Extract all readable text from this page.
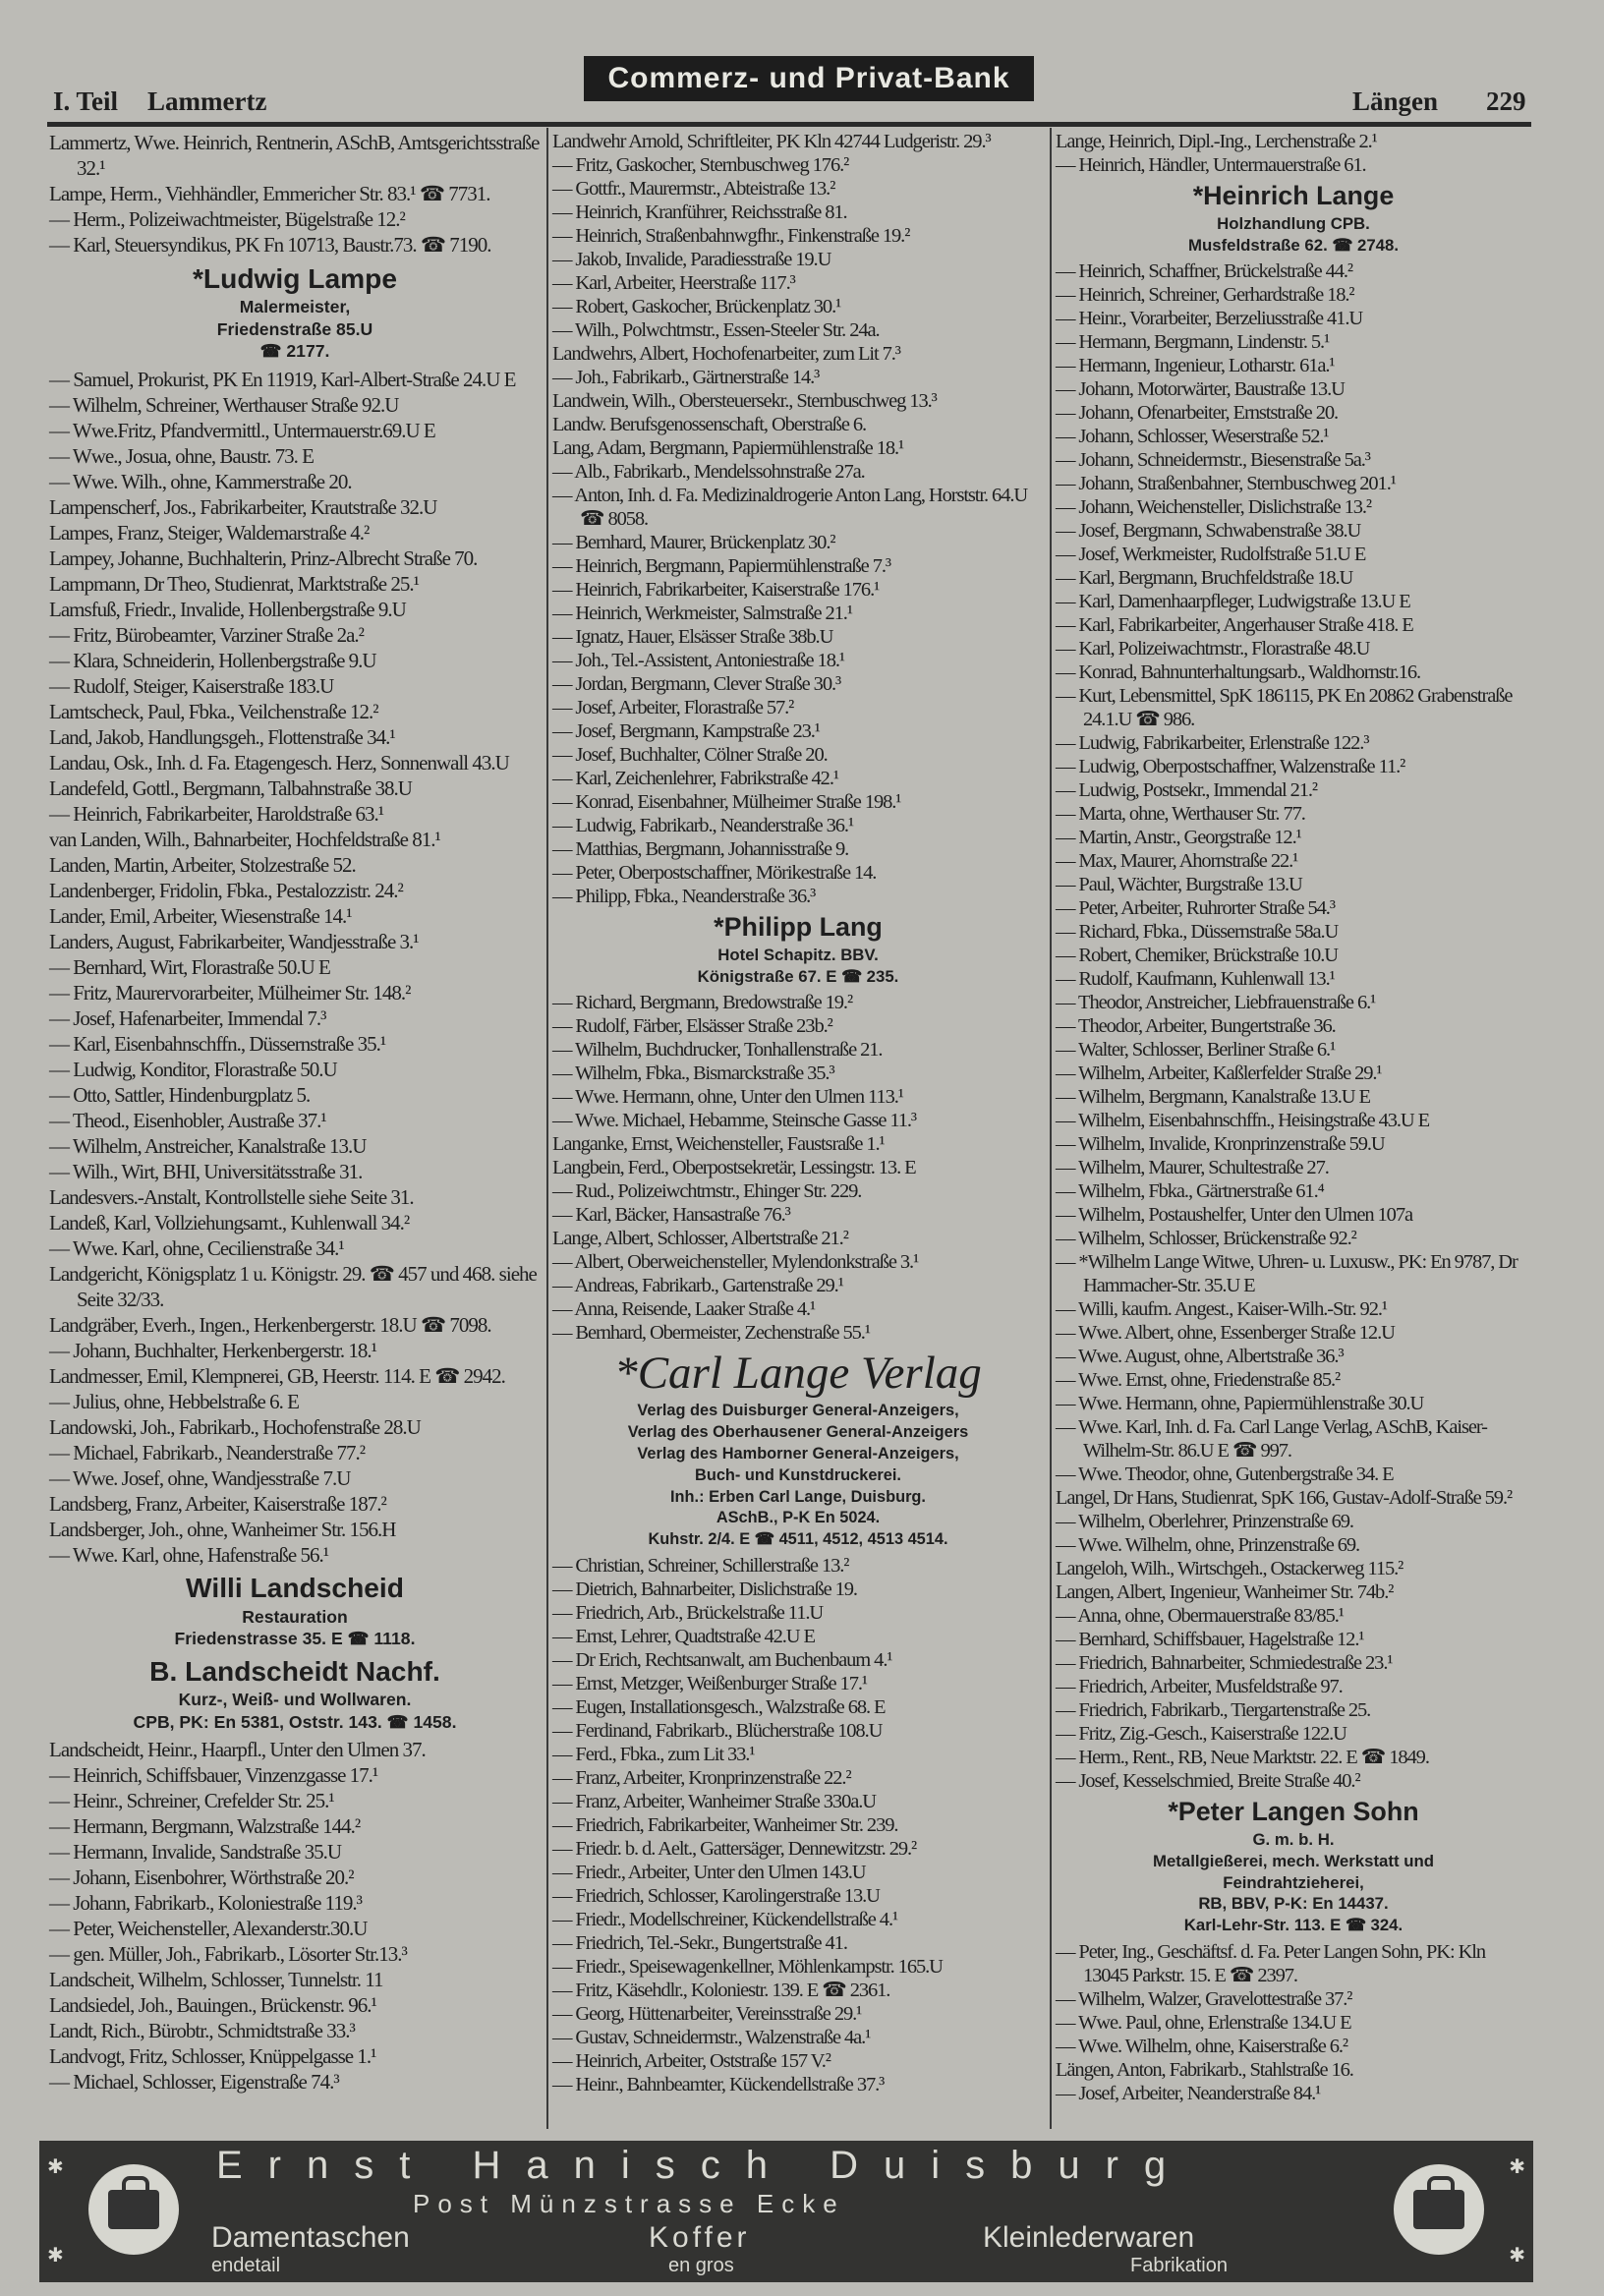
I. Teil Lammertz
Commerz- und Privat-Bank
Längen 229
Lammertz, Wwe. Heinrich, Rentnerin, ASchB, Amtsgerichtsstraße 32.¹
Lampe, Herm., Viehhändler, Emmericher Str. 83.¹ ☎ 7731.
— Herm., Polizeiwachtmeister, Bügelstraße 12.²
— Karl, Steuersyndikus, PK Fn 10713, Baustr.73. ☎ 7190.
*Ludwig Lampe
Malermeister,
Friedenstraße 85.U
☎ 2177.
— Samuel, Prokurist, PK En 11919, Karl-Albert-Straße 24.U E
— Wilhelm, Schreiner, Werthauser Straße 92.U
— Wwe.Fritz, Pfandvermittl., Untermauerstr.69.U E
— Wwe., Josua, ohne, Baustr. 73. E
— Wwe. Wilh., ohne, Kammerstraße 20.
Lampenscherf, Jos., Fabrikarbeiter, Krautstraße 32.U
Lampes, Franz, Steiger, Waldemarstraße 4.²
Lampey, Johanne, Buchhalterin, Prinz-Albrecht Straße 70.
Lampmann, Dr Theo, Studienrat, Marktstraße 25.¹
Lamsfuß, Friedr., Invalide, Hollenbergstraße 9.U
— Fritz, Bürobeamter, Varziner Straße 2a.²
— Klara, Schneiderin, Hollenbergstraße 9.U
— Rudolf, Steiger, Kaiserstraße 183.U
Lamtscheck, Paul, Fbka., Veilchenstraße 12.²
Land, Jakob, Handlungsgeh., Flottenstraße 34.¹
Landau, Osk., Inh. d. Fa. Etagengesch. Herz, Sonnenwall 43.U
Landefeld, Gottl., Bergmann, Talbahnstraße 38.U
— Heinrich, Fabrikarbeiter, Haroldstraße 63.¹
van Landen, Wilh., Bahnarbeiter, Hochfeldstraße 81.¹
Landen, Martin, Arbeiter, Stolzestraße 52.
Landenberger, Fridolin, Fbka., Pestalozzistr. 24.²
Lander, Emil, Arbeiter, Wiesenstraße 14.¹
Landers, August, Fabrikarbeiter, Wandjesstraße 3.¹
— Bernhard, Wirt, Florastraße 50.U E
— Fritz, Maurervorarbeiter, Mülheimer Str. 148.²
— Josef, Hafenarbeiter, Immendal 7.³
— Karl, Eisenbahnschffn., Düssernstraße 35.¹
— Ludwig, Konditor, Florastraße 50.U
— Otto, Sattler, Hindenburgplatz 5.
— Theod., Eisenhobler, Austraße 37.¹
— Wilhelm, Anstreicher, Kanalstraße 13.U
— Wilh., Wirt, BHI, Universitätsstraße 31.
Landesvers.-Anstalt, Kontrollstelle siehe Seite 31.
Landeß, Karl, Vollziehungsamt., Kuhlenwall 34.²
— Wwe. Karl, ohne, Cecilienstraße 34.¹
Landgericht, Königsplatz 1 u. Königstr. 29. ☎ 457 und 468. siehe Seite 32/33.
Landgräber, Everh., Ingen., Herkenbergerstr. 18.U ☎ 7098.
— Johann, Buchhalter, Herkenbergerstr. 18.¹
Landmesser, Emil, Klempnerei, GB, Heerstr. 114. E ☎ 2942.
— Julius, ohne, Hebbelstraße 6. E
Landowski, Joh., Fabrikarb., Hochofenstraße 28.U
— Michael, Fabrikarb., Neanderstraße 77.²
— Wwe. Josef, ohne, Wandjesstraße 7.U
Landsberg, Franz, Arbeiter, Kaiserstraße 187.²
Landsberger, Joh., ohne, Wanheimer Str. 156.H
— Wwe. Karl, ohne, Hafenstraße 56.¹
Willi Landscheid
Restauration
Friedenstrasse 35. E ☎ 1118.
B. Landscheidt Nachf.
Kurz-, Weiß- und Wollwaren.
CPB, PK: En 5381, Oststr. 143. ☎ 1458.
Landscheidt, Heinr., Haarpfl., Unter den Ulmen 37.
— Heinrich, Schiffsbauer, Vinzenzgasse 17.¹
— Heinr., Schreiner, Crefelder Str. 25.¹
— Hermann, Bergmann, Walzstraße 144.²
— Hermann, Invalide, Sandstraße 35.U
— Johann, Eisenbohrer, Wörthstraße 20.²
— Johann, Fabrikarb., Koloniestraße 119.³
— Peter, Weichensteller, Alexanderstr.30.U
— gen. Müller, Joh., Fabrikarb., Lösorter Str.13.³
Landscheit, Wilhelm, Schlosser, Tunnelstr. 11
Landsiedel, Joh., Bauingen., Brückenstr. 96.¹
Landt, Rich., Bürobtr., Schmidtstraße 33.³
Landvogt, Fritz, Schlosser, Knüppelgasse 1.¹
— Michael, Schlosser, Eigenstraße 74.³
Landwehr Arnold, Schriftleiter, PK Kln 42744 Ludgeristr. 29.³
— Fritz, Gaskocher, Sternbuschweg 176.²
— Gottfr., Maurermstr., Abteistraße 13.²
— Heinrich, Kranführer, Reichsstraße 81.
— Heinrich, Straßenbahnwgfhr., Finkenstraße 19.²
— Jakob, Invalide, Paradiesstraße 19.U
— Karl, Arbeiter, Heerstraße 117.³
— Robert, Gaskocher, Brückenplatz 30.¹
— Wilh., Polwchtmstr., Essen-Steeler Str. 24a.
Landwehrs, Albert, Hochofenarbeiter, zum Lit 7.³
— Joh., Fabrikarb., Gärtnerstraße 14.³
Landwein, Wilh., Obersteuersekr., Sternbuschweg 13.³
Landw. Berufsgenossenschaft, Oberstraße 6.
Lang, Adam, Bergmann, Papiermühlenstraße 18.¹
— Alb., Fabrikarb., Mendelssohnstraße 27a.
— Anton, Inh. d. Fa. Medizinaldrogerie Anton Lang, Horststr. 64.U ☎ 8058.
— Bernhard, Maurer, Brückenplatz 30.²
— Heinrich, Bergmann, Papiermühlenstraße 7.³
— Heinrich, Fabrikarbeiter, Kaiserstraße 176.¹
— Heinrich, Werkmeister, Salmstraße 21.¹
— Ignatz, Hauer, Elsässer Straße 38b.U
— Joh., Tel.-Assistent, Antoniestraße 18.¹
— Jordan, Bergmann, Clever Straße 30.³
— Josef, Arbeiter, Florastraße 57.²
— Josef, Bergmann, Kampstraße 23.¹
— Josef, Buchhalter, Cölner Straße 20.
— Karl, Zeichenlehrer, Fabrikstraße 42.¹
— Konrad, Eisenbahner, Mülheimer Straße 198.¹
— Ludwig, Fabrikarb., Neanderstraße 36.¹
— Matthias, Bergmann, Johannisstraße 9.
— Peter, Oberpostschaffner, Mörikestraße 14.
— Philipp, Fbka., Neanderstraße 36.³
*Philipp Lang
Hotel Schapitz. BBV.
Königstraße 67. E ☎ 235.
— Richard, Bergmann, Bredowstraße 19.²
— Rudolf, Färber, Elsässer Straße 23b.²
— Wilhelm, Buchdrucker, Tonhallenstraße 21.
— Wilhelm, Fbka., Bismarckstraße 35.³
— Wwe. Hermann, ohne, Unter den Ulmen 113.¹
— Wwe. Michael, Hebamme, Steinsche Gasse 11.³
Langanke, Ernst, Weichensteller, Faustsraße 1.¹
Langbein, Ferd., Oberpostsekretär, Lessingstr. 13. E
— Rud., Polizeiwchtmstr., Ehinger Str. 229.
— Karl, Bäcker, Hansastraße 76.³
Lange, Albert, Schlosser, Albertstraße 21.²
— Albert, Oberweichensteller, Mylendonkstraße 3.¹
— Andreas, Fabrikarb., Gartenstraße 29.¹
— Anna, Reisende, Laaker Straße 4.¹
— Bernhard, Obermeister, Zechenstraße 55.¹
*Carl Lange Verlag
Verlag des Duisburger General-Anzeigers,
Verlag des Oberhausener General-Anzeigers
Verlag des Hamborner General-Anzeigers,
Buch- und Kunstdruckerei.
Inh.: Erben Carl Lange, Duisburg.
ASchB., P-K En 5024.
Kuhstr. 2/4. E ☎ 4511, 4512, 4513 4514.
— Christian, Schreiner, Schillerstraße 13.²
— Dietrich, Bahnarbeiter, Dislichstraße 19.
— Friedrich, Arb., Brückelstraße 11.U
— Ernst, Lehrer, Quadtstraße 42.U E
— Dr Erich, Rechtsanwalt, am Buchenbaum 4.¹
— Ernst, Metzger, Weißenburger Straße 17.¹
— Eugen, Installationsgesch., Walzstraße 68. E
— Ferdinand, Fabrikarb., Blücherstraße 108.U
— Ferd., Fbka., zum Lit 33.¹
— Franz, Arbeiter, Kronprinzenstraße 22.²
— Franz, Arbeiter, Wanheimer Straße 330a.U
— Friedrich, Fabrikarbeiter, Wanheimer Str. 239.
— Friedr. b. d. Aelt., Gattersäger, Dennewitzstr. 29.²
— Friedr., Arbeiter, Unter den Ulmen 143.U
— Friedrich, Schlosser, Karolingerstraße 13.U
— Friedr., Modellschreiner, Kückendellstraße 4.¹
— Friedrich, Tel.-Sekr., Bungertstraße 41.
— Friedr., Speisewagenkellner, Möhlenkampstr. 165.U
— Fritz, Käsehdlr., Koloniestr. 139. E ☎ 2361.
— Georg, Hüttenarbeiter, Vereinsstraße 29.¹
— Gustav, Schneidermstr., Walzenstraße 4a.¹
— Heinrich, Arbeiter, Oststraße 157 V.²
— Heinr., Bahnbeamter, Kückendellstraße 37.³
Lange, Heinrich, Dipl.-Ing., Lerchenstraße 2.¹
— Heinrich, Händler, Untermauerstraße 61.
*Heinrich Lange
Holzhandlung CPB.
Musfeldstraße 62. ☎ 2748.
— Heinrich, Schaffner, Brückelstraße 44.²
— Heinrich, Schreiner, Gerhardstraße 18.²
— Heinr., Vorarbeiter, Berzeliusstraße 41.U
— Hermann, Bergmann, Lindenstr. 5.¹
— Hermann, Ingenieur, Lotharstr. 61a.¹
— Johann, Motorwärter, Baustraße 13.U
— Johann, Ofenarbeiter, Ernststraße 20.
— Johann, Schlosser, Weserstraße 52.¹
— Johann, Schneidermstr., Biesenstraße 5a.³
— Johann, Straßenbahner, Sternbuschweg 201.¹
— Johann, Weichensteller, Dislichstraße 13.²
— Josef, Bergmann, Schwabenstraße 38.U
— Josef, Werkmeister, Rudolfstraße 51.U E
— Karl, Bergmann, Bruchfeldstraße 18.U
— Karl, Damenhaarpfleger, Ludwigstraße 13.U E
— Karl, Fabrikarbeiter, Angerhauser Straße 418. E
— Karl, Polizeiwachtmstr., Florastraße 48.U
— Konrad, Bahnunterhaltungsarb., Waldhornstr.16.
— Kurt, Lebensmittel, SpK 186115, PK En 20862 Grabenstraße 24.1.U ☎ 986.
— Ludwig, Fabrikarbeiter, Erlenstraße 122.³
— Ludwig, Oberpostschaffner, Walzenstraße 11.²
— Ludwig, Postsekr., Immendal 21.²
— Marta, ohne, Werthauser Str. 77.
— Martin, Anstr., Georgstraße 12.¹
— Max, Maurer, Ahornstraße 22.¹
— Paul, Wächter, Burgstraße 13.U
— Peter, Arbeiter, Ruhrorter Straße 54.³
— Richard, Fbka., Düssernstraße 58a.U
— Robert, Chemiker, Brückstraße 10.U
— Rudolf, Kaufmann, Kuhlenwall 13.¹
— Theodor, Anstreicher, Liebfrauenstraße 6.¹
— Theodor, Arbeiter, Bungertstraße 36.
— Walter, Schlosser, Berliner Straße 6.¹
— Wilhelm, Arbeiter, Kaßlerfelder Straße 29.¹
— Wilhelm, Bergmann, Kanalstraße 13.U E
— Wilhelm, Eisenbahnschffn., Heisingstraße 43.U E
— Wilhelm, Invalide, Kronprinzenstraße 59.U
— Wilhelm, Maurer, Schultestraße 27.
— Wilhelm, Fbka., Gärtnerstraße 61.⁴
— Wilhelm, Postaushelfer, Unter den Ulmen 107a
— Wilhelm, Schlosser, Brückenstraße 92.²
— *Wilhelm Lange Witwe, Uhren- u. Luxusw., PK: En 9787, Dr Hammacher-Str. 35.U E
— Willi, kaufm. Angest., Kaiser-Wilh.-Str. 92.¹
— Wwe. Albert, ohne, Essenberger Straße 12.U
— Wwe. August, ohne, Albertstraße 36.³
— Wwe. Ernst, ohne, Friedenstraße 85.²
— Wwe. Hermann, ohne, Papiermühlenstraße 30.U
— Wwe. Karl, Inh. d. Fa. Carl Lange Verlag, ASchB, Kaiser-Wilhelm-Str. 86.U E ☎ 997.
— Wwe. Theodor, ohne, Gutenbergstraße 34. E
Langel, Dr Hans, Studienrat, SpK 166, Gustav-Adolf-Straße 59.²
— Wilhelm, Oberlehrer, Prinzenstraße 69.
— Wwe. Wilhelm, ohne, Prinzenstraße 69.
Langeloh, Wilh., Wirtschgeh., Ostackerweg 115.²
Langen, Albert, Ingenieur, Wanheimer Str. 74b.²
— Anna, ohne, Obermauerstraße 83/85.¹
— Bernhard, Schiffsbauer, Hagelstraße 12.¹
— Friedrich, Bahnarbeiter, Schmiedestraße 23.¹
— Friedrich, Arbeiter, Musfeldstraße 97.
— Friedrich, Fabrikarb., Tiergartenstraße 25.
— Fritz, Zig.-Gesch., Kaiserstraße 122.U
— Herm., Rent., RB, Neue Marktstr. 22. E ☎ 1849.
— Josef, Kesselschmied, Breite Straße 40.²
*Peter Langen Sohn
G. m. b. H.
Metallgießerei, mech. Werkstatt und
Feindrahtzieherei,
RB, BBV, P-K: En 14437.
Karl-Lehr-Str. 113. E ☎ 324.
— Peter, Ing., Geschäftsf. d. Fa. Peter Langen Sohn, PK: Kln 13045 Parkstr. 15. E ☎ 2397.
— Wilhelm, Walzer, Gravelottestraße 37.²
— Wwe. Paul, ohne, Erlenstraße 134.U E
— Wwe. Wilhelm, ohne, Kaiserstraße 6.²
Längen, Anton, Fabrikarb., Stahlstraße 16.
— Josef, Arbeiter, Neanderstraße 84.¹
✱
✱
✱
✱
Ernst Hanisch Duisburg
Post Münzstrasse Ecke
Damentaschen	Koffer	Kleinlederwaren
endetail	en gros	Fabrikation
